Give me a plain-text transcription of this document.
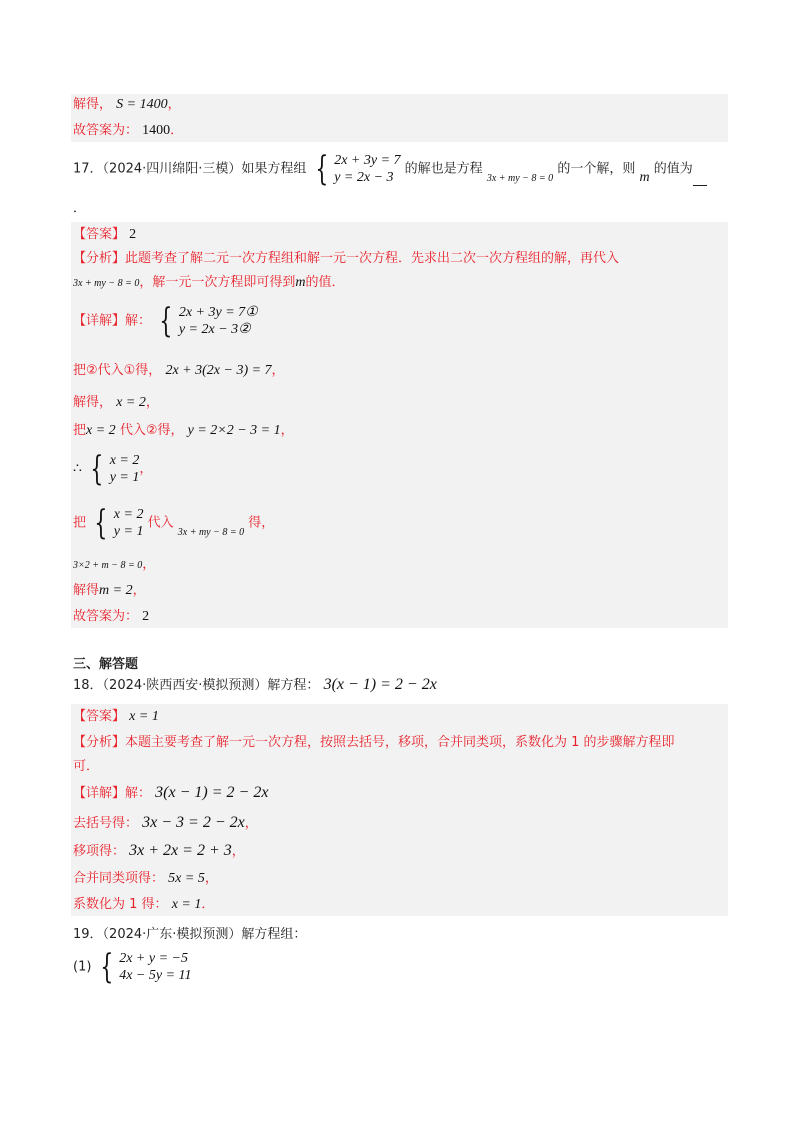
解得， S = 1400，
故答案为： 1400．
17．（2024·四川绵阳·三模）如果方程组 { 2x + 3y = 7
y = 2x − 3
的解也是方程 $_{3x + my - 8 = 0}$ 的一个解，则 m 的值为
．
【答案】 2
【分析】此题考查了解二元一次方程组和解一元一次方程．先求出二次一次方程组的解，再代入
3x + my − 8 = 0，解一元一次方程即可得到m的值．
【详解】解： { 2x + 3y = 7①
y = 2x − 3②
把②代入①得， 2x + 3(2x − 3) = 7，
解得， x = 2，
把x = 2 代入②得， y = 2×2 − 3 = 1，
∴ { x = 2
y = 1
，
把 { x = 2
y = 1
代入 $_{3x + my - 8 = 0}$ 得，
3×2 + m − 8 = 0，
解得m = 2，
故答案为： 2
三、解答题
18．（2024·陕西西安·模拟预测）解方程： 3(x − 1) = 2 − 2x
【答案】 x = 1
【分析】本题主要考查了解一元一次方程，按照去括号，移项，合并同类项，系数化为 1 的步骤解方程即
可．
【详解】解： 3(x − 1) = 2 − 2x
去括号得： 3x − 3 = 2 − 2x，
移项得： 3x + 2x = 2 + 3，
合并同类项得： 5x = 5，
系数化为 1 得： x = 1．
19．（2024·广东·模拟预测）解方程组：
(1) { 2x + y = −5
4x − 5y = 11
